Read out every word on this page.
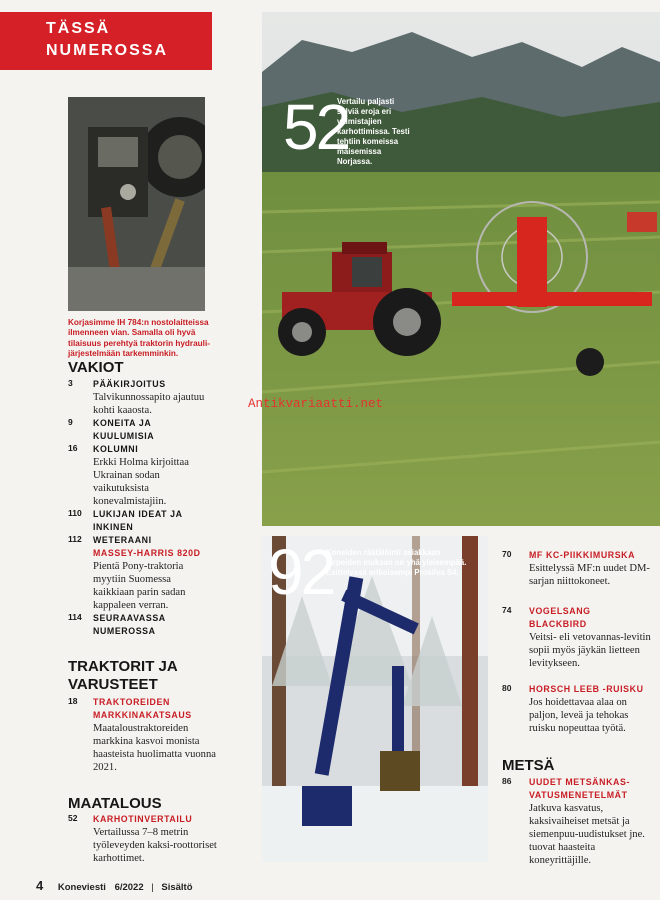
TÄSSÄ
NUMEROSSA
Korjasimme IH 784:n nostolaitteissa ilmenneen vian. Samalla oli hyvä tilaisuus perehtyä traktorin hydrauli-järjestelmään tarkemminkin.
VAKIOT
3	PÄÄKIRJOITUS
Talvikunnossapito ajautuu kohti kaaosta.
9	KONEITA JA KUULUMISIA
16	KOLUMNI
Erkki Holma kirjoittaa Ukrainan sodan vaikutuksista konevalmistajiin.
110	LUKIJAN IDEAT JA INKINEN
112	WETERAANI
MASSEY-HARRIS 820D
Pientä Pony-traktoria myytiin Suomessa kaikkiaan parin sadan kappaleen verran.
114	SEURAAVASSA NUMEROSSA
TRAKTORIT JA VARUSTEET
18	TRAKTOREIDEN MARKKINAKATSAUS
Maataloustraktoreiden markkina kasvoi monista haasteista huolimatta vuonna 2021.
MAATALOUS
52	KARHOTINVERTAILU
Vertailussa 7–8 metrin työleveyden kaksi-roottoriset karhottimet.
52
Vertailu paljasti selviä eroja eri valmistajien karhottimissa. Testi tehtiin komeissa maisemissa Norjassa.
Antikvariaatti.net
92
Koneiden räätälöinti asiakkaan tarpeiden mukaan on yhä yleisempää. Esittelyssä erikoisempi Prosilva S4.
70	MF KC-PIIKKIMURSKA
Esittelyssä MF:n uudet DM-sarjan niittokoneet.
74	VOGELSANG BLACKBIRD
Veitsi- eli vetovannas-levitin sopii myös jäykän lietteen levitykseen.
80	HORSCH LEEB -RUISKU
Jos hoidettavaa alaa on paljon, leveä ja tehokas ruisku nopeuttaa työtä.
METSÄ
86	UUDET METSÄNKAS-VATUSMENETELMÄT
Jatkuva kasvatus, kaksivaiheiset metsät ja siemenpuu-uudistukset jne. tuovat haasteita koneyrittäjille.
4 Koneviesti 6/2022 | Sisältö
